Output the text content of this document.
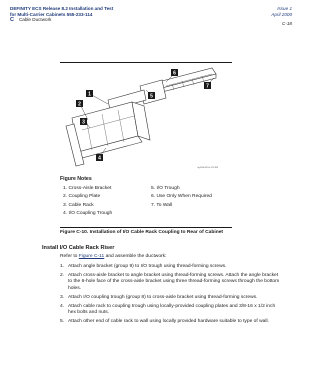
DEFINITY ECS Release 8.2 Installation and Test
for Multi-Carrier Cabinets 555-233-114
C Cable Ductwork
Issue 1
April 2000
C-18
6
7
5
1
2
3
4
fig2006 RCG 071399
Figure Notes
1. Cross-Aisle Bracket
2. Coupling Plate
3. Cable Rack
4. I/O Coupling Trough
5. I/O Trough
6. Use Only When Required
7. To Wall
Figure C-10. Installation of I/O Cable Rack Coupling to Rear of Cabinet
Install I/O Cable Rack Riser
Refer to Figure C-11 and assemble the ductwork:
1. Attach angle bracket (group 9) to I/O trough using thread-forming screws.
2. Attach cross-aisle bracket to angle bracket using thread-forming screws. Attach the angle bracket to the 6-hole face of the cross-aisle bracket using three thread-forming screws through the bottom holes.
3. Attach I/O coupling trough (group 8) to cross-aisle bracket using thread-forming screws.
4. Attach cable rack to coupling trough using locally-provided coupling plates and 3/8-16 x 1/2 inch hex bolts and nuts.
5. Attach other end of cable rack to wall using locally provided hardware suitable to type of wall.
